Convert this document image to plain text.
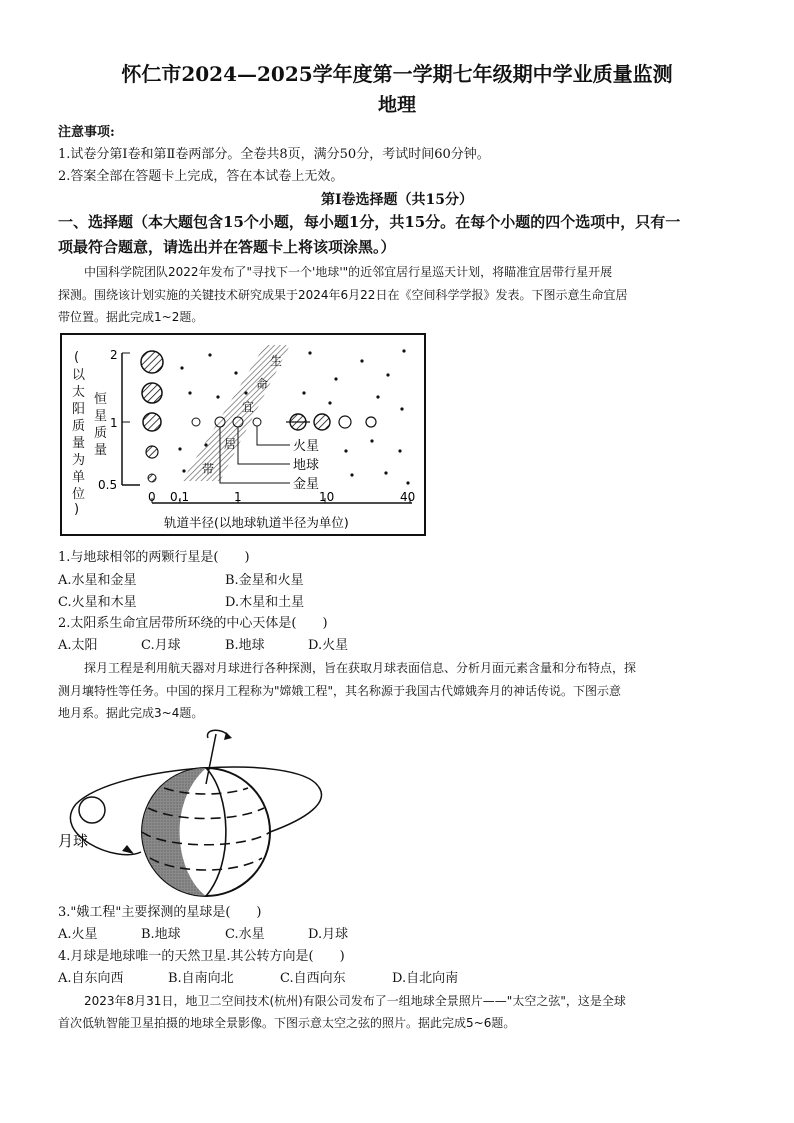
怀仁市2024—2025学年度第一学期七年级期中学业质量监测
地理
注意事项:
1.试卷分第Ⅰ卷和第Ⅱ卷两部分。全卷共8页，满分50分，考试时间60分钟。
2.答案全部在答题卡上完成，答在本试卷上无效。
第Ⅰ卷选择题（共15分）
一、选择题（本大题包含15个小题，每小题1分，共15分。在每个小题的四个选项中，只有一
项最符合题意，请选出并在答题卡上将该项涂黑。）
中国科学院团队2022年发布了"寻找下一个'地球'"的近邻宜居行星巡天计划，将瞄准宜居带行星开展
探测。围绕该计划实施的关键技术研究成果于2024年6月22日在《空间科学学报》发表。下图示意生命宜居
带位置。据此完成1~2题。
(
以
太
阳
质
量
为
单
位
)
恒
星
质
量
2
1
0.5
生
命
宜
居
带
火星
地球
金星
0 0.1	1	10	40
轨道半径(以地球轨道半径为单位)
1.与地球相邻的两颗行星是(　　)
A.水星和金星	B.金星和火星
C.火星和木星	D.木星和土星
2.太阳系生命宜居带所环绕的中心天体是(　　)
A.太阳	C.月球	B.地球	D.火星
探月工程是利用航天器对月球进行各种探测，旨在获取月球表面信息、分析月面元素含量和分布特点，探
测月壤特性等任务。中国的探月工程称为"嫦娥工程"，其名称源于我国古代嫦娥奔月的神话传说。下图示意
地月系。据此完成3~4题。
月球
3."娥工程"主要探测的星球是(　　)
A.火星	B.地球	C.水星	D.月球
4.月球是地球唯一的天然卫星.其公转方向是(　　)
A.自东向西	B.自南向北	C.自西向东	D.自北向南
2023年8月31日，地卫二空间技术(杭州)有限公司发布了一组地球全景照片——"太空之弦"，这是全球
首次低轨智能卫星拍摄的地球全景影像。下图示意太空之弦的照片。据此完成5~6题。
